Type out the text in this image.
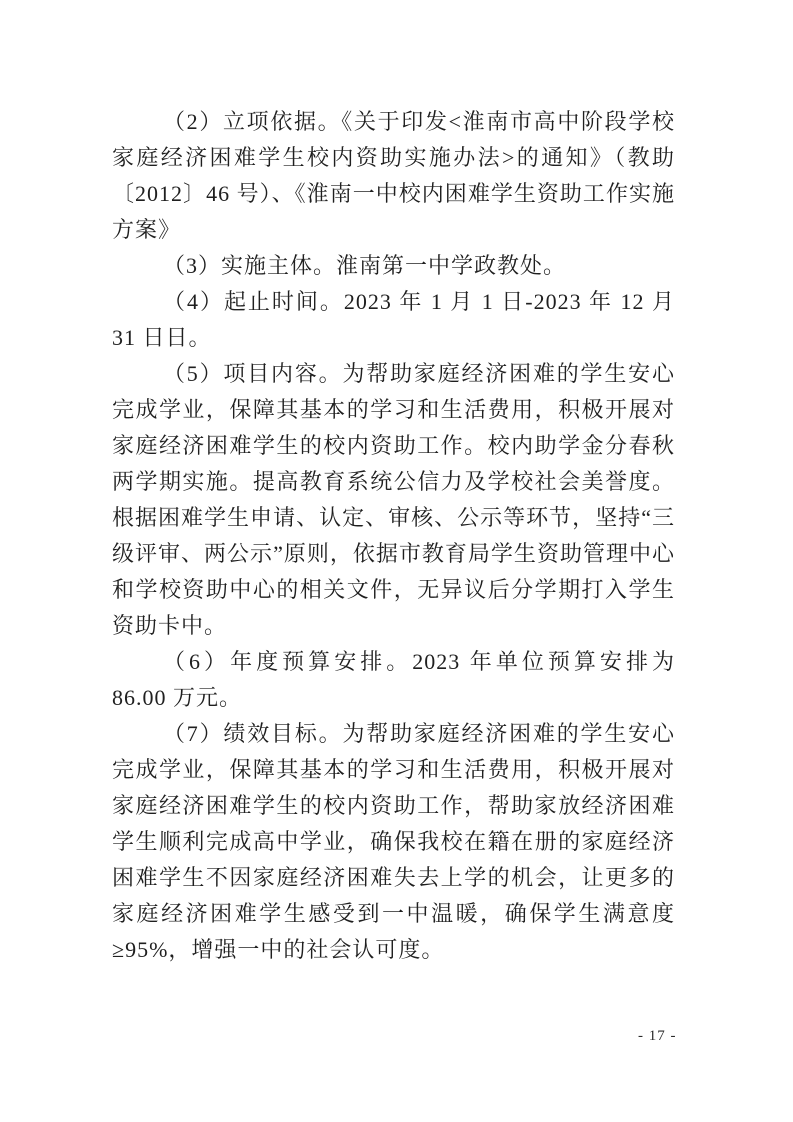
（2）立项依据。《关于印发<淮南市高中阶段学校家庭经济困难学生校内资助实施办法>的通知》（教助〔2012〕46 号）、《淮南一中校内困难学生资助工作实施方案》

（3）实施主体。淮南第一中学政教处。

（4）起止时间。2023 年 1 月 1 日-2023 年 12 月 31 日日。

（5）项目内容。为帮助家庭经济困难的学生安心完成学业，保障其基本的学习和生活费用，积极开展对家庭经济困难学生的校内资助工作。校内助学金分春秋两学期实施。提高教育系统公信力及学校社会美誉度。根据困难学生申请、认定、审核、公示等环节，坚持“三级评审、两公示”原则，依据市教育局学生资助管理中心和学校资助中心的相关文件，无异议后分学期打入学生资助卡中。

（6）年度预算安排。2023 年单位预算安排为 86.00 万元。

（7）绩效目标。为帮助家庭经济困难的学生安心完成学业，保障其基本的学习和生活费用，积极开展对家庭经济困难学生的校内资助工作，帮助家放经济困难学生顺利完成高中学业，确保我校在籍在册的家庭经济困难学生不因家庭经济困难失去上学的机会，让更多的家庭经济困难学生感受到一中温暖，确保学生满意度≥95%，增强一中的社会认可度。

- 17 -
